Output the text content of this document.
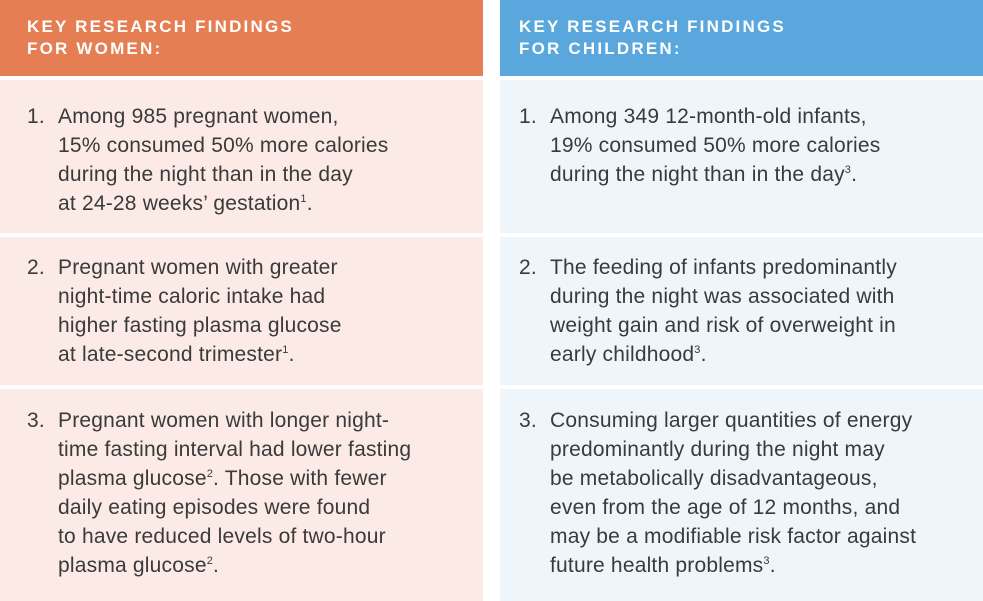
KEY RESEARCH FINDINGS
FOR WOMEN:
1. Among 985 pregnant women,
15% consumed 50% more calories
during the night than in the day
at 24-28 weeks’ gestation$^1$.
2. Pregnant women with greater
night-time caloric intake had
higher fasting plasma glucose
at late-second trimester$^1$.
3. Pregnant women with longer night-
time fasting interval had lower fasting
plasma glucose$^2$. Those with fewer
daily eating episodes were found
to have reduced levels of two-hour
plasma glucose$^2$.
KEY RESEARCH FINDINGS
FOR CHILDREN:
1. Among 349 12-month-old infants,
19% consumed 50% more calories
during the night than in the day$^3$.
2. The feeding of infants predominantly
during the night was associated with
weight gain and risk of overweight in
early childhood$^3$.
3. Consuming larger quantities of energy
predominantly during the night may
be metabolically disadvantageous,
even from the age of 12 months, and
may be a modifiable risk factor against
future health problems$^3$.
